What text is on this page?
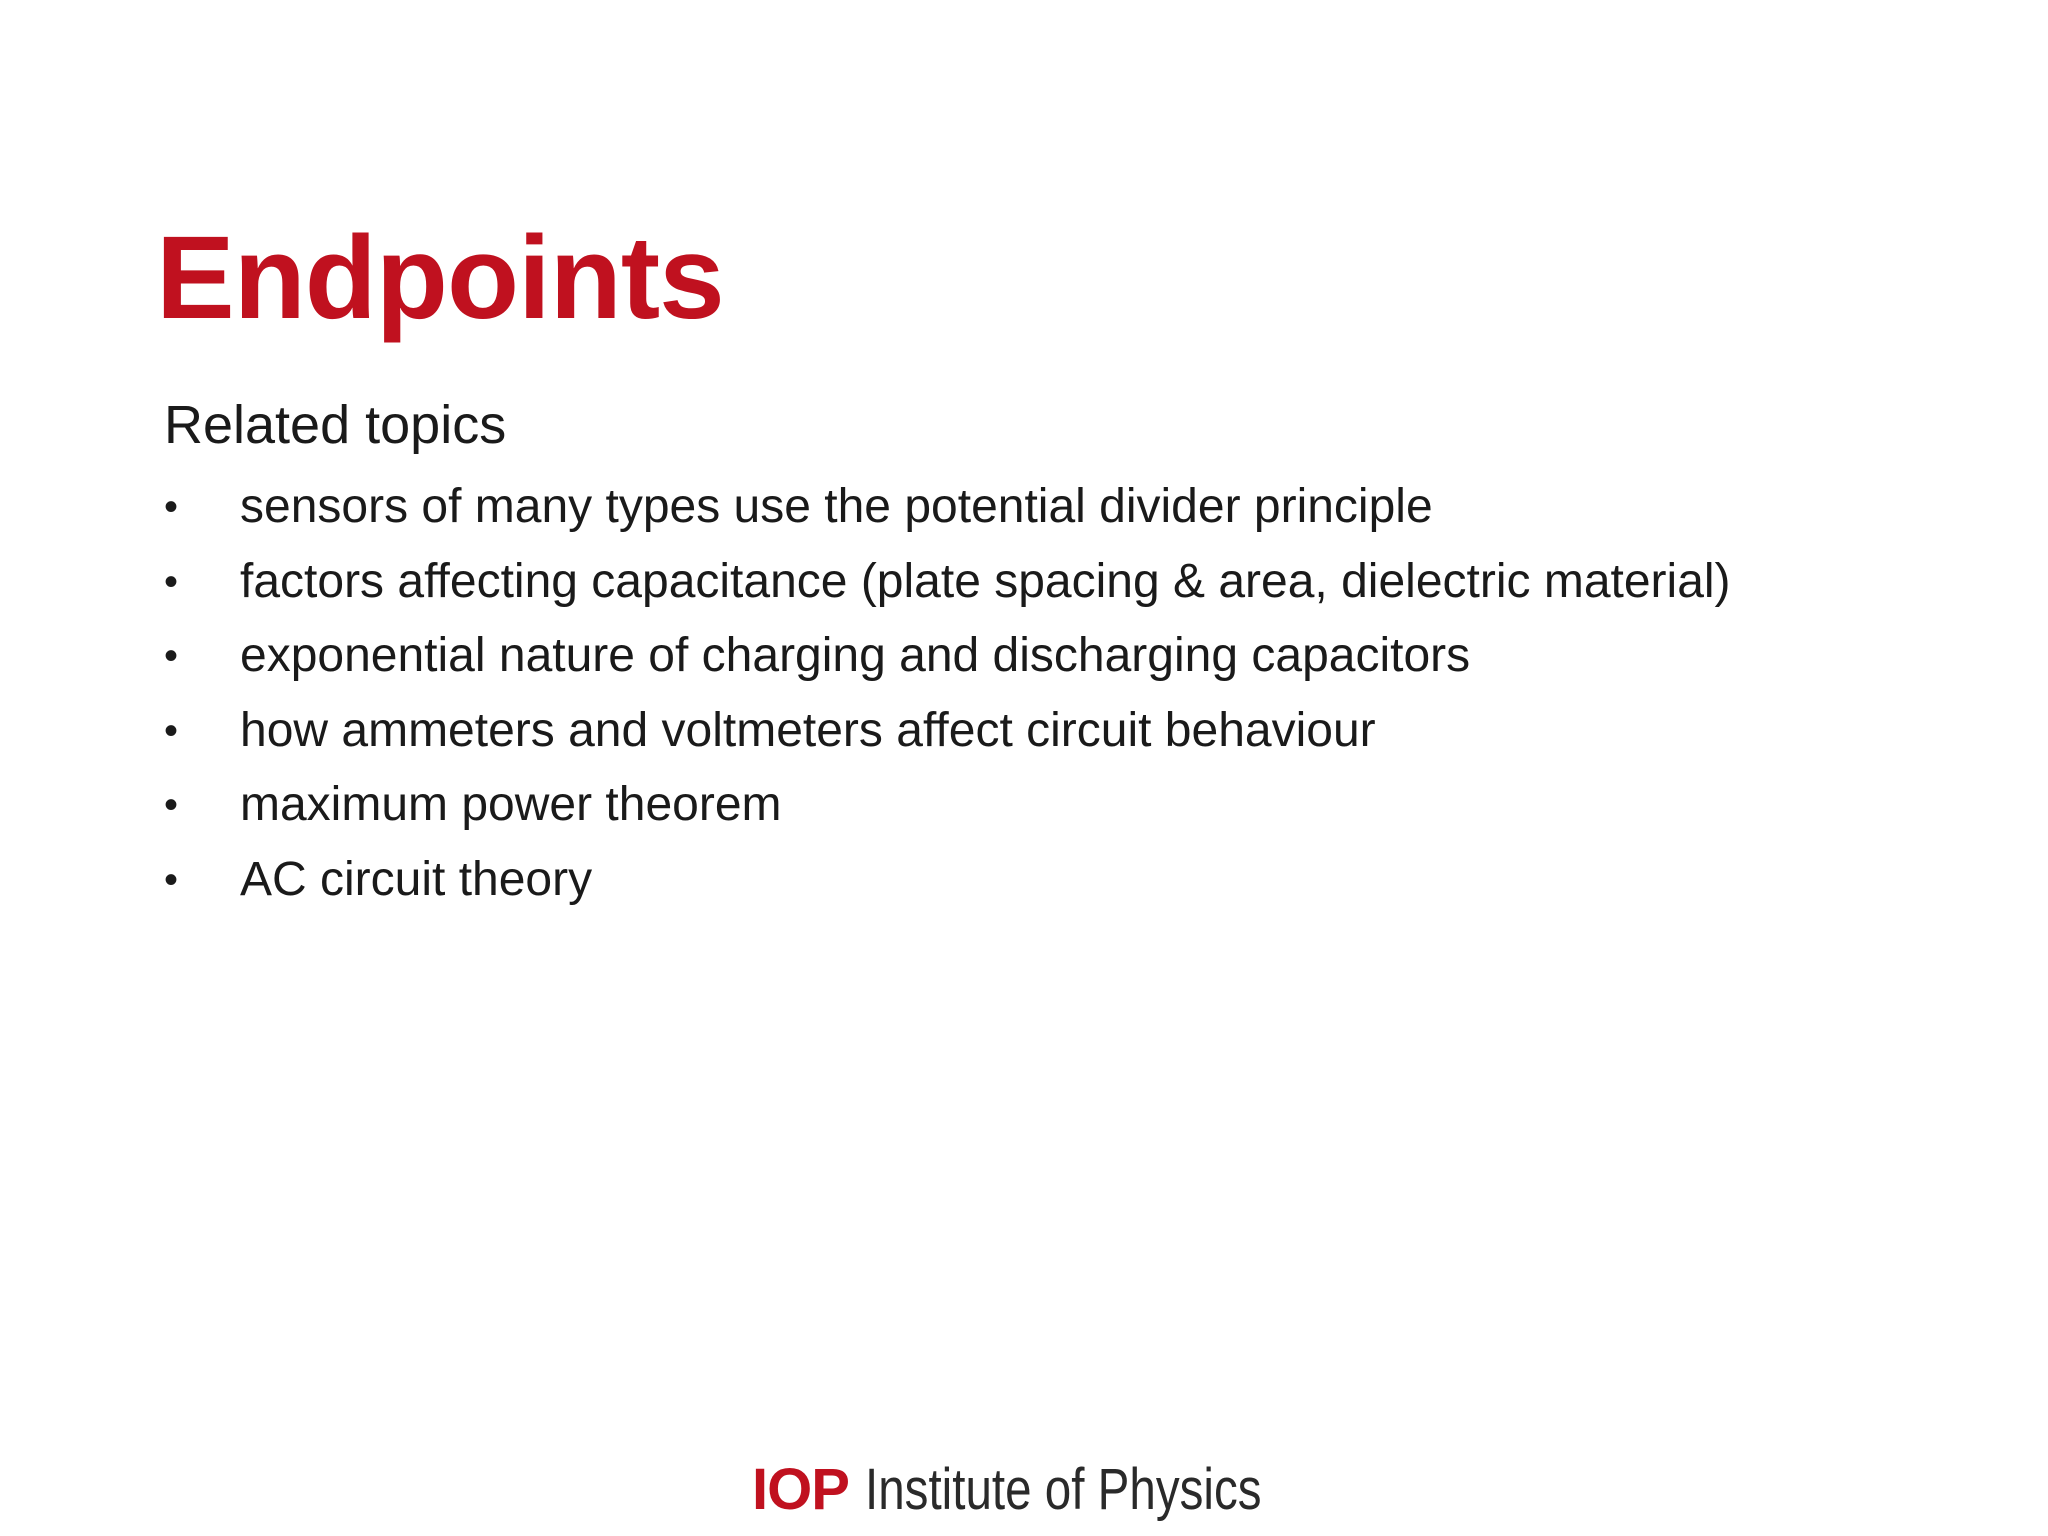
Endpoints
Related topics
•	sensors of many types use the potential divider principle
•	factors affecting capacitance (plate spacing & area, dielectric material)
•	exponential nature of charging and discharging capacitors
•	how ammeters and voltmeters affect circuit behaviour
•	maximum power theorem
•	AC circuit theory
IOP Institute of Physics
